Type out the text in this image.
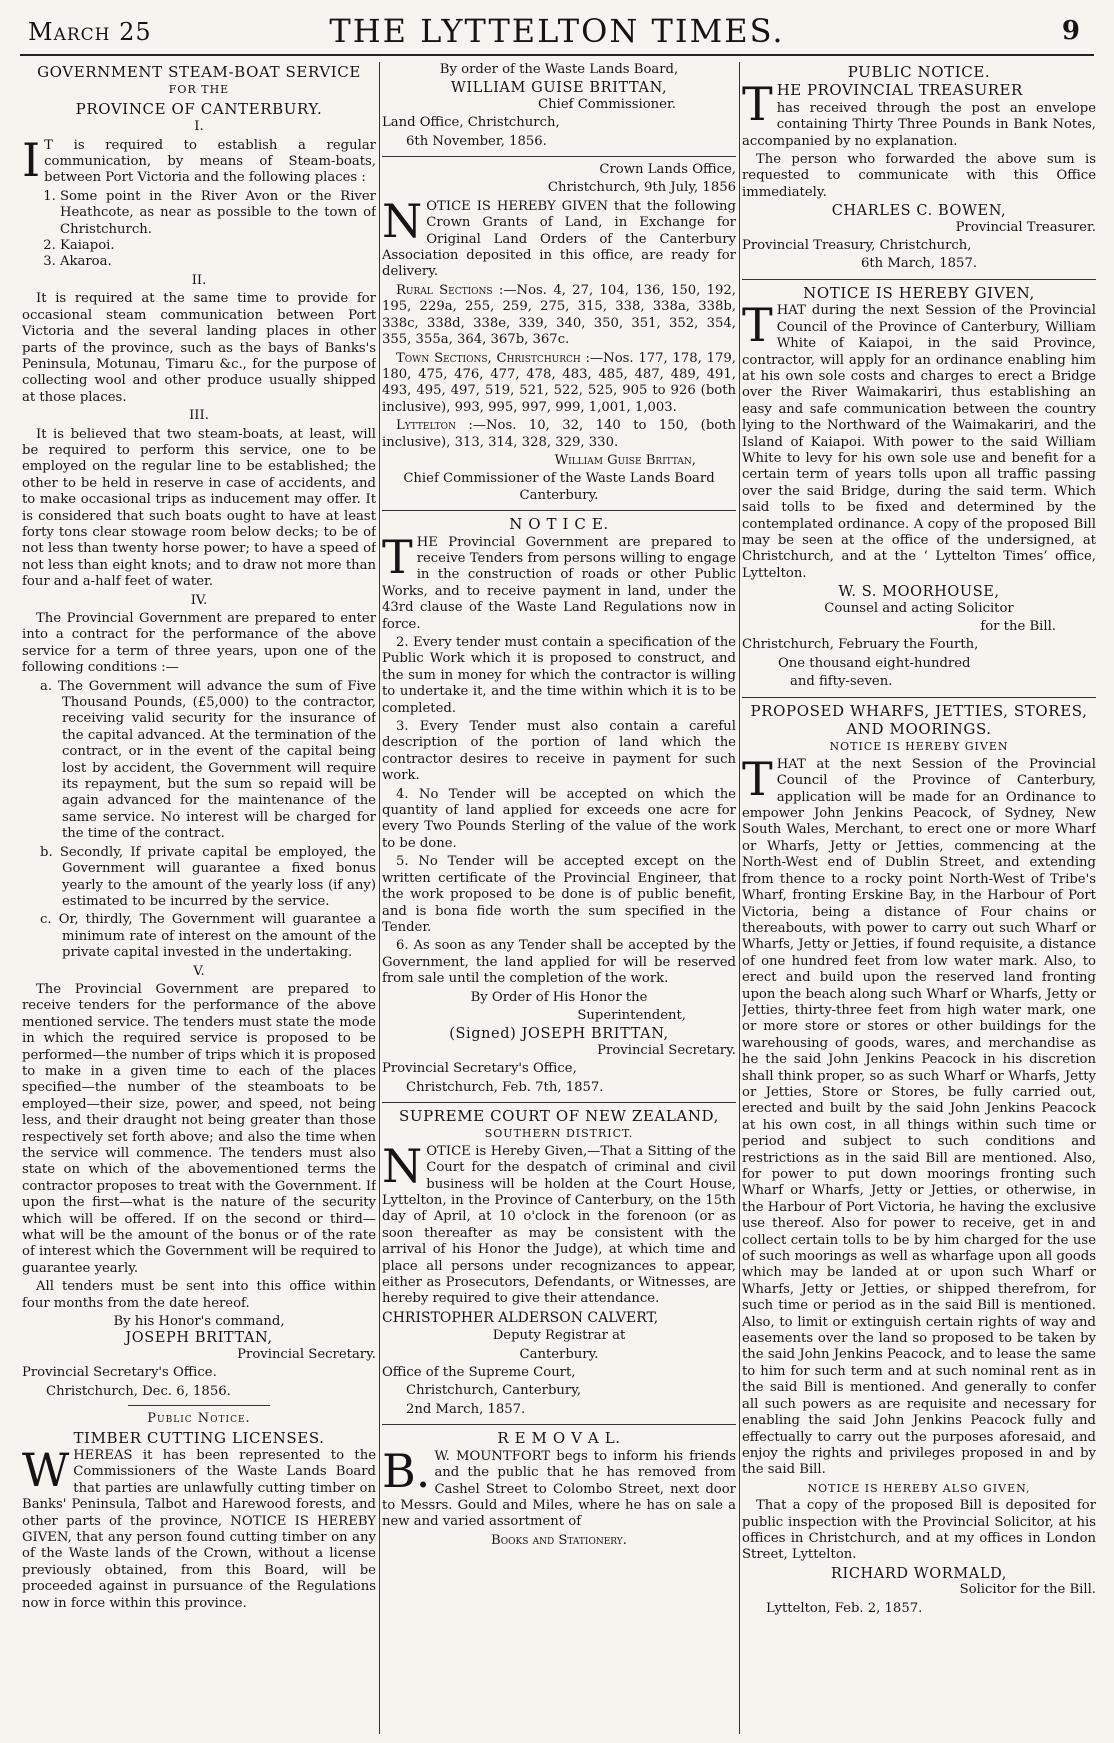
March 25	THE LYTTELTON TIMES.	9

GOVERNMENT STEAM-BOAT SERVICE

FOR THE

PROVINCE OF CANTERBURY.

I.

I T is required to establish a regular communication, by means of Steam-boats, between Port Victoria and the following places :

1. Some point in the River Avon or the River Heathcote, as near as possible to the town of Christchurch.
2. Kaiapoi.
3. Akaroa.

II.

It is required at the same time to provide for occasional steam communication between Port Victoria and the several landing places in other parts of the province, such as the bays of Banks's Peninsula, Motunau, Timaru &c., for the purpose of collecting wool and other produce usually shipped at those places.

III.

It is believed that two steam-boats, at least, will be required to perform this service, one to be employed on the regular line to be established; the other to be held in reserve in case of accidents, and to make occasional trips as inducement may offer. It is considered that such boats ought to have at least forty tons clear stowage room below decks; to be of not less than twenty horse power; to have a speed of not less than eight knots; and to draw not more than four and a-half feet of water.

IV.

The Provincial Government are prepared to enter into a contract for the performance of the above service for a term of three years, upon one of the following conditions :—

a. The Government will advance the sum of Five Thousand Pounds, (£5,000) to the contractor, receiving valid security for the insurance of the capital advanced. At the termination of the contract, or in the event of the capital being lost by accident, the Government will require its repayment, but the sum so repaid will be again advanced for the maintenance of the same service. No interest will be charged for the time of the contract.

b. Secondly, If private capital be employed, the Government will guarantee a fixed bonus yearly to the amount of the yearly loss (if any) estimated to be incurred by the service.

c. Or, thirdly, The Government will guarantee a minimum rate of interest on the amount of the private capital invested in the undertaking.

V.

The Provincial Government are prepared to receive tenders for the performance of the above mentioned service. The tenders must state the mode in which the required service is proposed to be performed—the number of trips which it is proposed to make in a given time to each of the places specified—the number of the steamboats to be employed—their size, power, and speed, not being less, and their draught not being greater than those respectively set forth above; and also the time when the service will commence. The tenders must also state on which of the abovementioned terms the contractor proposes to treat with the Government. If upon the first—what is the nature of the security which will be offered. If on the second or third—what will be the amount of the bonus or of the rate of interest which the Government will be required to guarantee yearly.

All tenders must be sent into this office within four months from the date hereof.

By his Honor's command,

JOSEPH BRITTAN,

Provincial Secretary.

Provincial Secretary's Office.

Christchurch, Dec. 6, 1856.

Public Notice.

TIMBER CUTTING LICENSES.

WHEREAS it has been represented to the Commissioners of the Waste Lands Board that parties are unlawfully cutting timber on Banks' Peninsula, Talbot and Harewood forests, and other parts of the province, NOTICE IS HEREBY GIVEN, that any person found cutting timber on any of the Waste lands of the Crown, without a license previously obtained, from this Board, will be proceeded against in pursuance of the Regulations now in force within this province.

By order of the Waste Lands Board,

WILLIAM GUISE BRITTAN,

Chief Commissioner.

Land Office, Christchurch,

6th November, 1856.

Crown Lands Office,

Christchurch, 9th July, 1856

NOTICE IS HEREBY GIVEN that the following Crown Grants of Land, in Exchange for Original Land Orders of the Canterbury Association deposited in this office, are ready for delivery.

Rural Sections :—Nos. 4, 27, 104, 136, 150, 192, 195, 229a, 255, 259, 275, 315, 338, 338a, 338b, 338c, 338d, 338e, 339, 340, 350, 351, 352, 354, 355, 355a, 364, 367b, 367c.

Town Sections, Christchurch :—Nos. 177, 178, 179, 180, 475, 476, 477, 478, 483, 485, 487, 489, 491, 493, 495, 497, 519, 521, 522, 525, 905 to 926 (both inclusive), 993, 995, 997, 999, 1,001, 1,003.

Lyttelton :—Nos. 10, 32, 140 to 150, (both inclusive), 313, 314, 328, 329, 330.

William Guise Brittan,

Chief Commissioner of the Waste Lands Board Canterbury.

N O T I C E.

THE Provincial Government are prepared to receive Tenders from persons willing to engage in the construction of roads or other Public Works, and to receive payment in land, under the 43rd clause of the Waste Land Regulations now in force.

2. Every tender must contain a specification of the Public Work which it is proposed to construct, and the sum in money for which the contractor is willing to undertake it, and the time within which it is to be completed.

3. Every Tender must also contain a careful description of the portion of land which the contractor desires to receive in payment for such work.

4. No Tender will be accepted on which the quantity of land applied for exceeds one acre for every Two Pounds Sterling of the value of the work to be done.

5. No Tender will be accepted except on the written certificate of the Provincial Engineer, that the work proposed to be done is of public benefit, and is bona fide worth the sum specified in the Tender.

6. As soon as any Tender shall be accepted by the Government, the land applied for will be reserved from sale until the completion of the work.

By Order of His Honor the

Superintendent,

(Signed) JOSEPH BRITTAN,

Provincial Secretary.

Provincial Secretary's Office,

Christchurch, Feb. 7th, 1857.

SUPREME COURT OF NEW ZEALAND,

SOUTHERN DISTRICT.

NOTICE is Hereby Given,—That a Sitting of the Court for the despatch of criminal and civil business will be holden at the Court House, Lyttelton, in the Province of Canterbury, on the 15th day of April, at 10 o'clock in the forenoon (or as soon thereafter as may be consistent with the arrival of his Honor the Judge), at which time and place all persons under recognizances to appear, either as Prosecutors, Defendants, or Witnesses, are hereby required to give their attendance.

CHRISTOPHER ALDERSON CALVERT,

Deputy Registrar at

Canterbury.

Office of the Supreme Court,

Christchurch, Canterbury,

2nd March, 1857.

R E M O V A L.

B. W. MOUNTFORT begs to inform his friends and the public that he has removed from Cashel Street to Colombo Street, next door to Messrs. Gould and Miles, where he has on sale a new and varied assortment of

Books and Stationery.

PUBLIC NOTICE.

THE PROVINCIAL TREASURER
has received through the post an envelope containing Thirty Three Pounds in Bank Notes, accompanied by no explanation.

The person who forwarded the above sum is requested to communicate with this Office immediately.

CHARLES C. BOWEN,

Provincial Treasurer.

Provincial Treasury, Christchurch,

6th March, 1857.

NOTICE IS HEREBY GIVEN,

THAT during the next Session of the Provincial Council of the Province of Canterbury, William White of Kaiapoi, in the said Province, contractor, will apply for an ordinance enabling him at his own sole costs and charges to erect a Bridge over the River Waimakariri, thus establishing an easy and safe communication between the country lying to the Northward of the Waimakariri, and the Island of Kaiapoi. With power to the said William White to levy for his own sole use and benefit for a certain term of years tolls upon all traffic passing over the said Bridge, during the said term. Which said tolls to be fixed and determined by the contemplated ordinance. A copy of the proposed Bill may be seen at the office of the undersigned, at Christchurch, and at the ‘ Lyttelton Times’ office, Lyttelton.

W. S. MOORHOUSE,

Counsel and acting Solicitor

for the Bill.

Christchurch, February the Fourth,

One thousand eight-hundred

and fifty-seven.

PROPOSED WHARFS, JETTIES, STORES,

AND MOORINGS.

NOTICE IS HEREBY GIVEN

THAT at the next Session of the Provincial Council of the Province of Canterbury, application will be made for an Ordinance to empower John Jenkins Peacock, of Sydney, New South Wales, Merchant, to erect one or more Wharf or Wharfs, Jetty or Jetties, commencing at the North-West end of Dublin Street, and extending from thence to a rocky point North-West of Tribe's Wharf, fronting Erskine Bay, in the Harbour of Port Victoria, being a distance of Four chains or thereabouts, with power to carry out such Wharf or Wharfs, Jetty or Jetties, if found requisite, a distance of one hundred feet from low water mark. Also, to erect and build upon the reserved land fronting upon the beach along such Wharf or Wharfs, Jetty or Jetties, thirty-three feet from high water mark, one or more store or stores or other buildings for the warehousing of goods, wares, and merchandise as he the said John Jenkins Peacock in his discretion shall think proper, so as such Wharf or Wharfs, Jetty or Jetties, Store or Stores, be fully carried out, erected and built by the said John Jenkins Peacock at his own cost, in all things within such time or period and subject to such conditions and restrictions as in the said Bill are mentioned. Also, for power to put down moorings fronting such Wharf or Wharfs, Jetty or Jetties, or otherwise, in the Harbour of Port Victoria, he having the exclusive use thereof. Also for power to receive, get in and collect certain tolls to be by him charged for the use of such moorings as well as wharfage upon all goods which may be landed at or upon such Wharf or Wharfs, Jetty or Jetties, or shipped therefrom, for such time or period as in the said Bill is mentioned. Also, to limit or extinguish certain rights of way and easements over the land so proposed to be taken by the said John Jenkins Peacock, and to lease the same to him for such term and at such nominal rent as in the said Bill is mentioned. And generally to confer all such powers as are requisite and necessary for enabling the said John Jenkins Peacock fully and effectually to carry out the purposes aforesaid, and enjoy the rights and privileges proposed in and by the said Bill.

NOTICE IS HEREBY ALSO GIVEN,

That a copy of the proposed Bill is deposited for public inspection with the Provincial Solicitor, at his offices in Christchurch, and at my offices in London Street, Lyttelton.

RICHARD WORMALD,

Solicitor for the Bill.

Lyttelton, Feb. 2, 1857.
